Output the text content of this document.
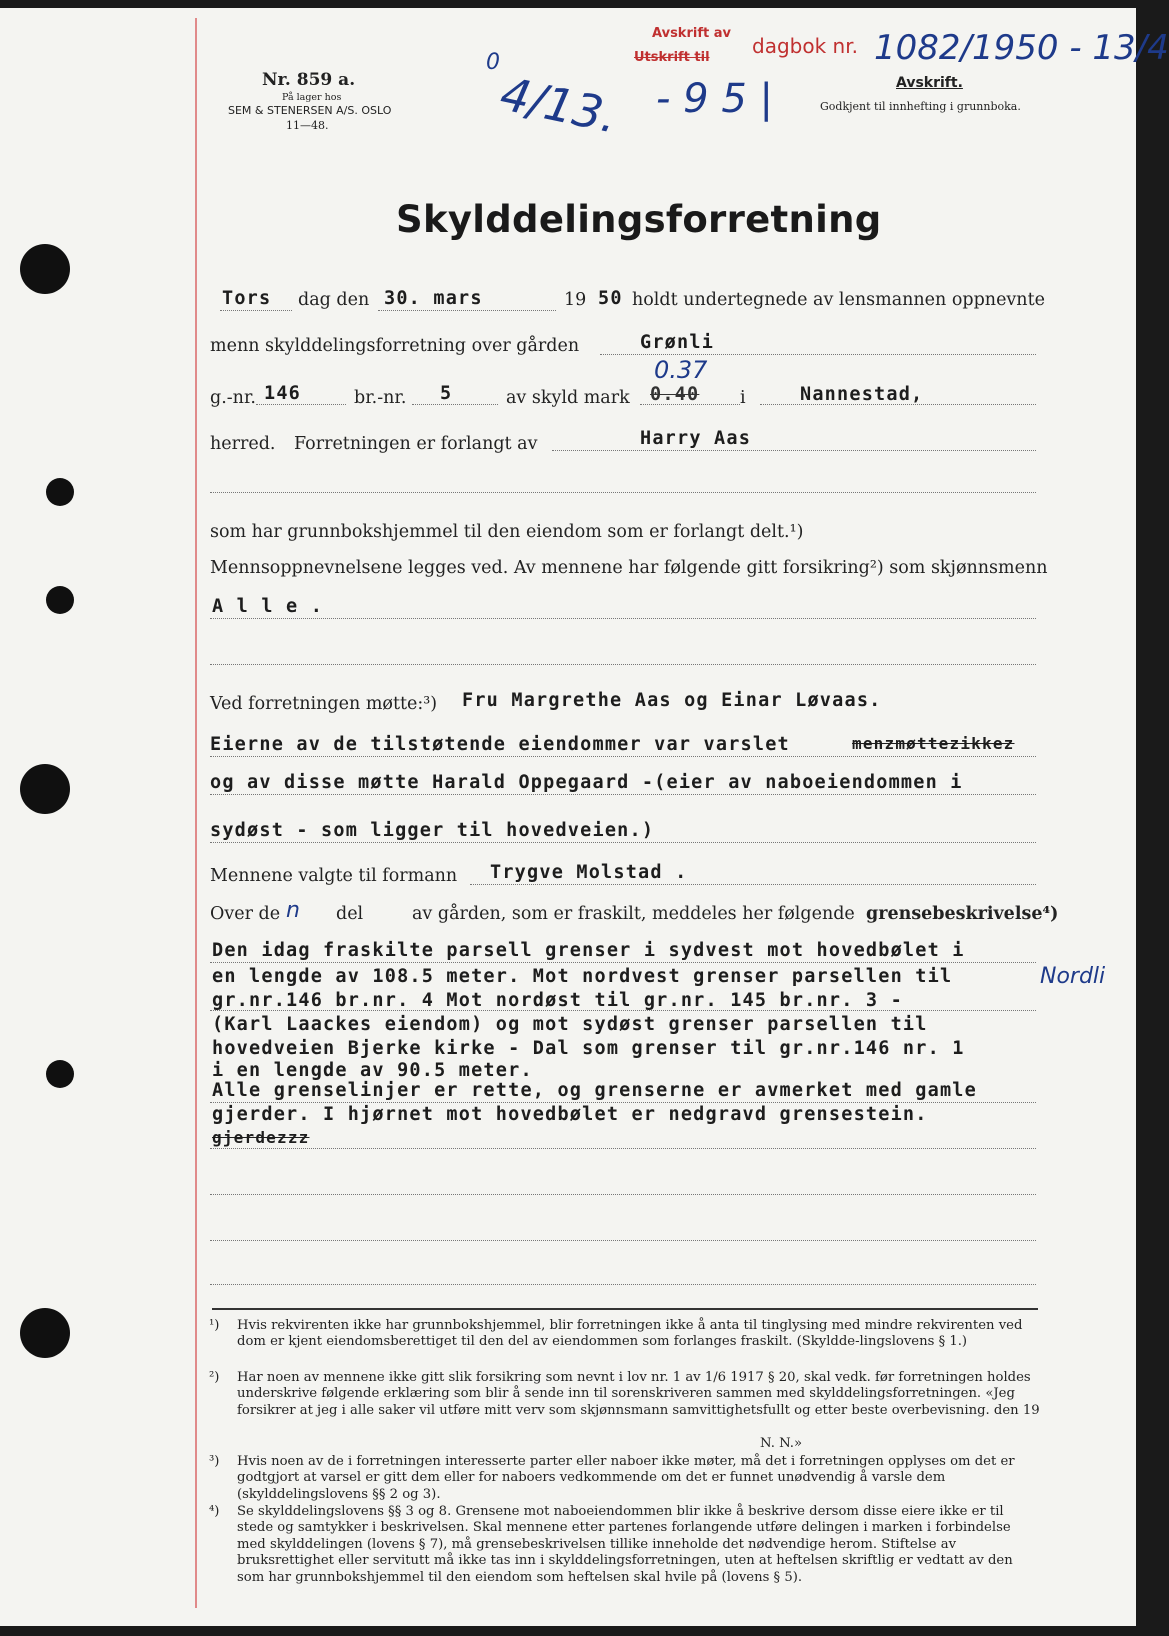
Nr. 859 a.
På lager hos
SEM & STENERSEN A/S. OSLO
11—48.
0
4/13. - 9 5 |
Avskrift av
Utskrift til dagbok nr. 1082/1950 - 13/4
Avskrift.
Godkjent til innhefting i grunnboka.
Skylddelingsforretning
Tors dag den 30. mars	19 50 holdt undertegnede av lensmannen oppnevnte
menn skylddelingsforretning over gården	Grønli
g.-nr. 146	br.-nr. 5	av skyld mark 0.40
0.37
i	Nannestad,
herred. Forretningen er forlangt av	Harry Aas
som har grunnbokshjemmel til den eiendom som er forlangt delt.¹)
Mennsoppnevnelsene legges ved. Av mennene har følgende gitt forsikring²) som skjønnsmenn
A l l e .
Ved forretningen møtte:³) Fru Margrethe Aas og Einar Løvaas.
Eierne av de tilstøtende eiendommer var varslet	menzmøttezikkez
og av disse møtte Harald Oppegaard -(eier av naboeiendommen i
sydøst - som ligger til hovedveien.)
Mennene valgte til formann Trygve Molstad .
Over de n del	av gården, som er fraskilt, meddeles her følgende grensebeskrivelse⁴)
Den idag fraskilte parsell grenser i sydvest mot hovedbølet i
en lengde av 108.5 meter. Mot nordvest grenser parsellen til
gr.nr.146 br.nr. 4 Mot nordøst til gr.nr. 145 br.nr. 3 -
(Karl Laackes eiendom) og mot sydøst grenser parsellen til
hovedveien Bjerke kirke - Dal som grenser til gr.nr.146 nr. 1
i en lengde av 90.5 meter.
Alle grenselinjer er rette, og grenserne er avmerket med gamle
gjerder. I hjørnet mot hovedbølet er nedgravd grensestein.
gjerdezzz
Nordli
¹) Hvis rekvirenten ikke har grunnbokshjemmel, blir forretningen ikke å anta til tinglysing med mindre rekvirenten ved dom er kjent eiendomsberettiget til den del av eiendommen som forlanges fraskilt. (Skyldde-lingslovens § 1.)
²) Har noen av mennene ikke gitt slik forsikring som nevnt i lov nr. 1 av 1/6 1917 § 20, skal vedk. før forretningen holdes underskrive følgende erklæring som blir å sende inn til sorenskriveren sammen med skylddelingsforretningen. «Jeg forsikrer at jeg i alle saker vil utføre mitt verv som skjønnsmann samvittighetsfullt og etter beste overbevisning. den 19
N. N.»
³) Hvis noen av de i forretningen interesserte parter eller naboer ikke møter, må det i forretningen opplyses om det er godtgjort at varsel er gitt dem eller for naboers vedkommende om det er funnet unødvendig å varsle dem (skylddelingslovens §§ 2 og 3).
⁴) Se skylddelingslovens §§ 3 og 8. Grensene mot naboeiendommen blir ikke å beskrive dersom disse eiere ikke er til stede og samtykker i beskrivelsen. Skal mennene etter partenes forlangende utføre delingen i marken i forbindelse med skylddelingen (lovens § 7), må grensebeskrivelsen tillike inneholde det nødvendige herom. Stiftelse av bruksrettighet eller servitutt må ikke tas inn i skylddelingsforretningen, uten at heftelsen skriftlig er vedtatt av den som har grunnbokshjemmel til den eiendom som heftelsen skal hvile på (lovens § 5).
